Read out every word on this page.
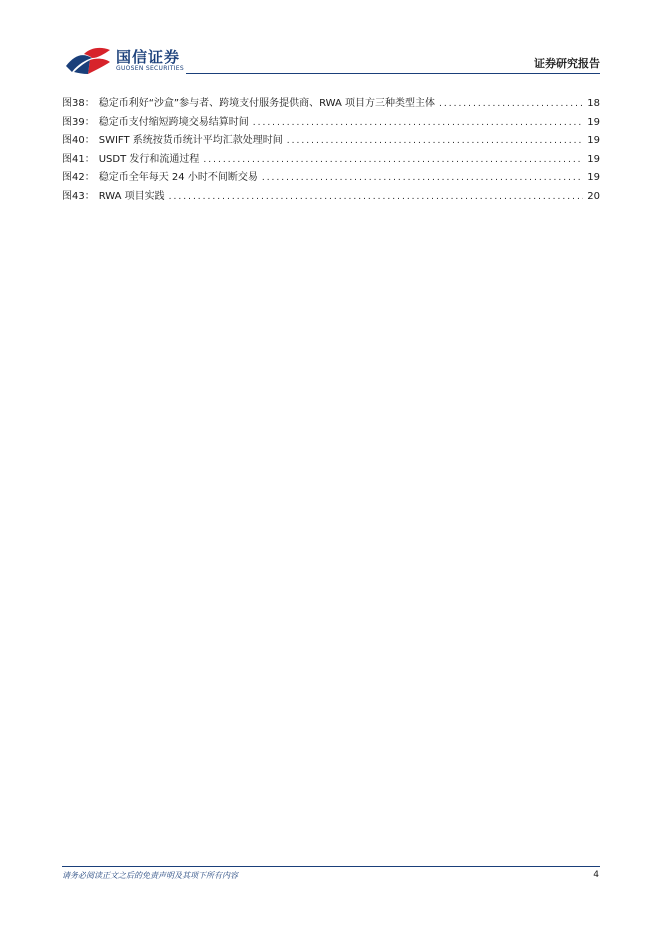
国信证券
GUOSEN SECURITIES	证券研究报告
图38： 稳定币利好“沙盒”参与者、跨境支付服务提供商、RWA 项目方三种类型主体 .....	18
图39： 稳定币支付缩短跨境交易结算时间 .....	19
图40： SWIFT 系统按货币统计平均汇款处理时间 .....	19
图41： USDT 发行和流通过程 .....	19
图42： 稳定币全年每天 24 小时不间断交易 .....	19
图43： RWA 项目实践 .....	20
请务必阅读正文之后的免责声明及其项下所有内容	4
